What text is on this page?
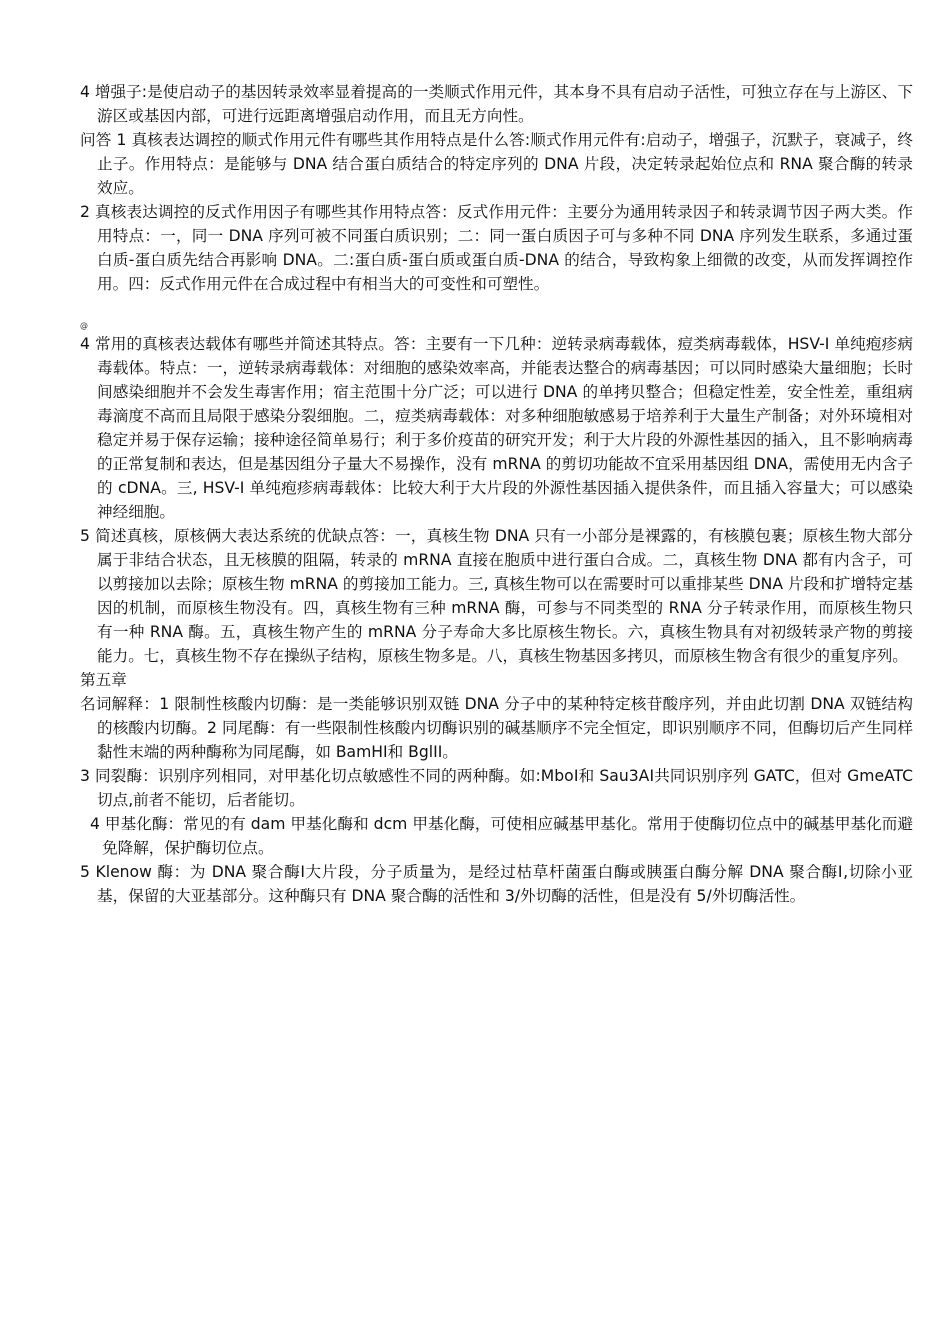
4 增强子:是使启动子的基因转录效率显着提高的一类顺式作用元件，其本身不具有启动子活性，可独立存在与上游区、下游区或基因内部，可进行远距离增强启动作用，而且无方向性。

问答 1 真核表达调控的顺式作用元件有哪些其作用特点是什么答:顺式作用元件有:启动子，增强子，沉默子，衰减子，终止子。作用特点：是能够与 DNA 结合蛋白质结合的特定序列的 DNA 片段，决定转录起始位点和 RNA 聚合酶的转录效应。

2 真核表达调控的反式作用因子有哪些其作用特点答：反式作用元件：主要分为通用转录因子和转录调节因子两大类。作用特点：一，同一 DNA 序列可被不同蛋白质识别；二：同一蛋白质因子可与多种不同 DNA 序列发生联系，多通过蛋白质-蛋白质先结合再影响 DNA。二:蛋白质-蛋白质或蛋白质-DNA 的结合，导致构象上细微的改变，从而发挥调控作用。四：反式作用元件在合成过程中有相当大的可变性和可塑性。

@

4 常用的真核表达载体有哪些并简述其特点。答：主要有一下几种：逆转录病毒载体，痘类病毒载体，HSV-I 单纯疱疹病毒载体。特点：一，逆转录病毒载体：对细胞的感染效率高，并能表达整合的病毒基因；可以同时感染大量细胞；长时间感染细胞并不会发生毒害作用；宿主范围十分广泛；可以进行 DNA 的单拷贝整合；但稳定性差，安全性差，重组病毒滴度不高而且局限于感染分裂细胞。二，痘类病毒载体：对多种细胞敏感易于培养利于大量生产制备；对外环境相对稳定并易于保存运输；接种途径简单易行；利于多价疫苗的研究开发；利于大片段的外源性基因的插入，且不影响病毒的正常复制和表达，但是基因组分子量大不易操作，没有 mRNA 的剪切功能故不宜采用基因组 DNA，需使用无内含子的 cDNA。三, HSV-I 单纯疱疹病毒载体：比较大利于大片段的外源性基因插入提供条件，而且插入容量大；可以感染神经细胞。

5 简述真核，原核俩大表达系统的优缺点答：一，真核生物 DNA 只有一小部分是裸露的，有核膜包裹；原核生物大部分属于非结合状态，且无核膜的阻隔，转录的 mRNA 直接在胞质中进行蛋白合成。二，真核生物 DNA 都有内含子，可以剪接加以去除；原核生物 mRNA 的剪接加工能力。三, 真核生物可以在需要时可以重排某些 DNA 片段和扩增特定基因的机制，而原核生物没有。四，真核生物有三种 mRNA 酶，可参与不同类型的 RNA 分子转录作用，而原核生物只有一种 RNA 酶。五，真核生物产生的 mRNA 分子寿命大多比原核生物长。六，真核生物具有对初级转录产物的剪接能力。七，真核生物不存在操纵子结构，原核生物多是。八，真核生物基因多拷贝，而原核生物含有很少的重复序列。

第五章

名词解释：1 限制性核酸内切酶：是一类能够识别双链 DNA 分子中的某种特定核苷酸序列，并由此切割 DNA 双链结构的核酸内切酶。2 同尾酶：有一些限制性核酸内切酶识别的碱基顺序不完全恒定，即识别顺序不同，但酶切后产生同样黏性末端的两种酶称为同尾酶，如 BamHⅠ和 BglII。

3 同裂酶：识别序列相同，对甲基化切点敏感性不同的两种酶。如:MboⅠ和 Sau3AⅠ共同识别序列 GATC，但对 GmeATC 切点,前者不能切，后者能切。

4 甲基化酶：常见的有 dam 甲基化酶和 dcm 甲基化酶，可使相应碱基甲基化。常用于使酶切位点中的碱基甲基化而避免降解，保护酶切位点。

5 Klenow 酶：为 DNA 聚合酶Ⅰ大片段，分子质量为，是经过枯草杆菌蛋白酶或胰蛋白酶分解 DNA 聚合酶Ⅰ,切除小亚基，保留的大亚基部分。这种酶只有 DNA 聚合酶的活性和 3/外切酶的活性，但是没有 5/外切酶活性。
